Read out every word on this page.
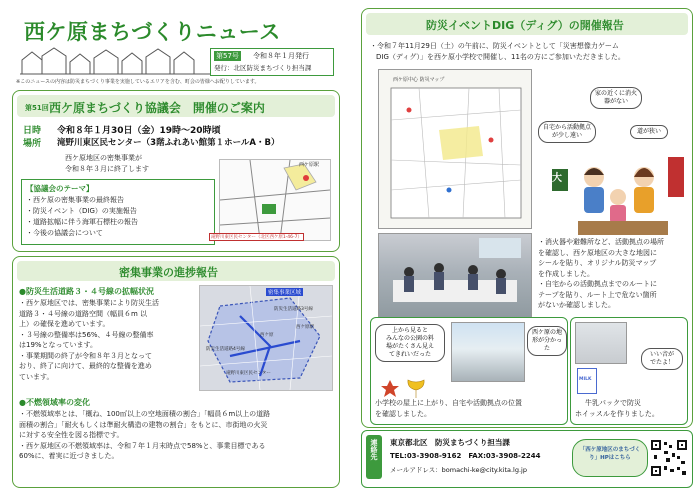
西ケ原まちづくりニュース
第57号 令和８年１月発行
発行：北区防災まちづくり担当課
※このニュースの内容は防災まちづくり事業を実施しているエリアを含む、町会の皆様へお配りしています。
第51回 西ケ原まちづくり協議会　開催のご案内
日時 令和８年１月30日（金）19時～20時頃
場所 滝野川東区民センター（3階ふれあい館第１ホールA・B）
西ケ原地区の密集事業が
令和８年３月に終了します
【協議会のテーマ】
・西ケ原の密集事業の最終報告
・防災イベント（DIG）の実施報告
・道路拡幅に伴う海軍石標柱の報告
・今後の協議会について
西ケ原駅
滝野川東区民センター（北区西ケ原1-46-7）
密集事業の進捗報告
●防災生活道路３・４号線の拡幅状況
・西ケ原地区では、密集事業により防災生活
道路３・４号線の道路空間（幅員６m 以
上）の確保を進めています。
・３号線の整備率は56%、４号線の整備率
は19%となっています。
・事業期間の終了が令和８年３月となって
おり、終了に向けて、最終的な整備を進め
ています。
密集事業区域
防災生活道路3号線
防災生活道路4号線
西ケ原駅
滝野川東区民センター
西ケ原
●不燃領域率の変化
・不燃領域率とは、「概ね、100㎡以上の空地面積の割合」「幅員６m以上の道路
面積の割合」「耐火もしくは準耐火構造の建物の割合」をもとに、市街地の火災
に対する安全性を図る指標です。
・西ケ原地区の不燃領域率は、令和７年１月末時点で58%と、事業目標である
60%に、着実に近づきました。
防災イベントDIG（ディグ）の開催報告
・令和７年11月29日（土）の午前に、防災イベントとして「災害想像力ゲーム
DIG（ディグ）」を西ケ原小学校で開催し、11名の方にご参加いただきました。
西ケ原中心 防災マップ
家の近くに消火器がない
自宅から活動拠点が少し遠い
道が狭い
大
・消火器や避難所など、活動拠点の場所
を確認し、西ケ原地区の大きな地図に
シールを貼り、オリジナル防災マップ
を作成しました。
・自宅からの活動拠点までのルートに
テープを貼り、ルート上で危ない箇所
がないか確認しました。
上から見ると
みんなの公園の料
場がたくさん見え
てきれいだった
西ケ原の地形が分かった
小学校の屋上に上がり、自宅や活動拠点の位置
を確認しました。
いい音が
でたよ！
MILK
牛乳パックで防災
ホイッスルを作りました。
連絡先	東京都北区　防災まちづくり担当課
TEL:03-3908-9162　FAX:03-3908-2244
メールアドレス：bomachi-ke@city.kita.lg.jp
「西ケ原地区のまちづくり」HPはこちら
